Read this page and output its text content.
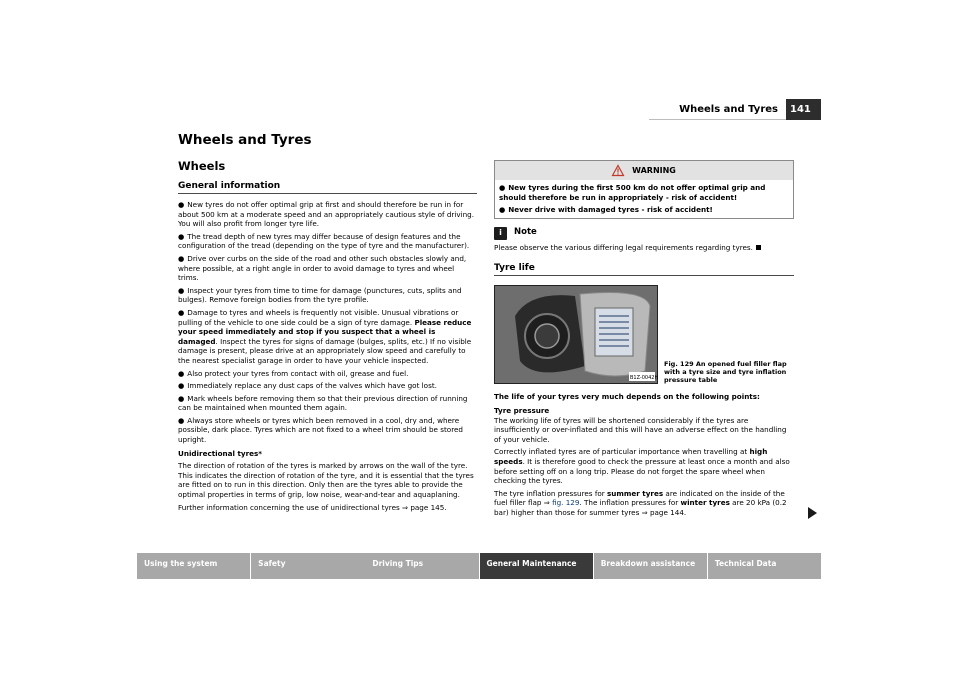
Wheels and Tyres	141
Wheels and Tyres
Wheels
General information

● New tyres do not offer optimal grip at first and should therefore be run in for about 500 km at a moderate speed and an appropriately cautious style of driving. You will also profit from longer tyre life.

● The tread depth of new tyres may differ because of design features and the configuration of the tread (depending on the type of tyre and the manufacturer).

● Drive over curbs on the side of the road and other such obstacles slowly and, where possible, at a right angle in order to avoid damage to tyres and wheel trims.

● Inspect your tyres from time to time for damage (punctures, cuts, splits and bulges). Remove foreign bodies from the tyre profile.

● Damage to tyres and wheels is frequently not visible. Unusual vibrations or pulling of the vehicle to one side could be a sign of tyre damage. Please reduce your speed immediately and stop if you suspect that a wheel is damaged. Inspect the tyres for signs of damage (bulges, splits, etc.) If no visible damage is present, please drive at an appropriately slow speed and carefully to the nearest specialist garage in order to have your vehicle inspected.

● Also protect your tyres from contact with oil, grease and fuel.

● Immediately replace any dust caps of the valves which have got lost.

● Mark wheels before removing them so that their previous direction of running can be maintained when mounted them again.

● Always store wheels or tyres which been removed in a cool, dry and, where possible, dark place. Tyres which are not fixed to a wheel trim should be stored upright.

Unidirectional tyres*

The direction of rotation of the tyres is marked by arrows on the wall of the tyre. This indicates the direction of rotation of the tyre, and it is essential that the tyres are fitted on to run in this direction. Only then are the tyres able to provide the optimal properties in terms of grip, low noise, wear-and-tear and aquaplaning.

Further information concerning the use of unidirectional tyres ⇒ page 145.

WARNING

● New tyres during the first 500 km do not offer optimal grip and should therefore be run in appropriately - risk of accident!

● Never drive with damaged tyres - risk of accident!

i	Note

Please observe the various differing legal requirements regarding tyres.

Tyre life
B1Z-0042H
Fig. 129 An opened fuel filler flap with a tyre size and tyre inflation pressure table

The life of your tyres very much depends on the following points:

Tyre pressure

The working life of tyres will be shortened considerably if the tyres are insufficiently or over-inflated and this will have an adverse effect on the handling of your vehicle.

Correctly inflated tyres are of particular importance when travelling at high speeds. It is therefore good to check the pressure at least once a month and also before setting off on a long trip. Please do not forget the spare wheel when checking the tyres.

The tyre inflation pressures for summer tyres are indicated on the inside of the fuel filler flap ⇒ fig. 129. The inflation pressures for winter tyres are 20 kPa (0.2 bar) higher than those for summer tyres ⇒ page 144.

Using the system	Safety	Driving Tips	General Maintenance	Breakdown assistance	Technical Data
